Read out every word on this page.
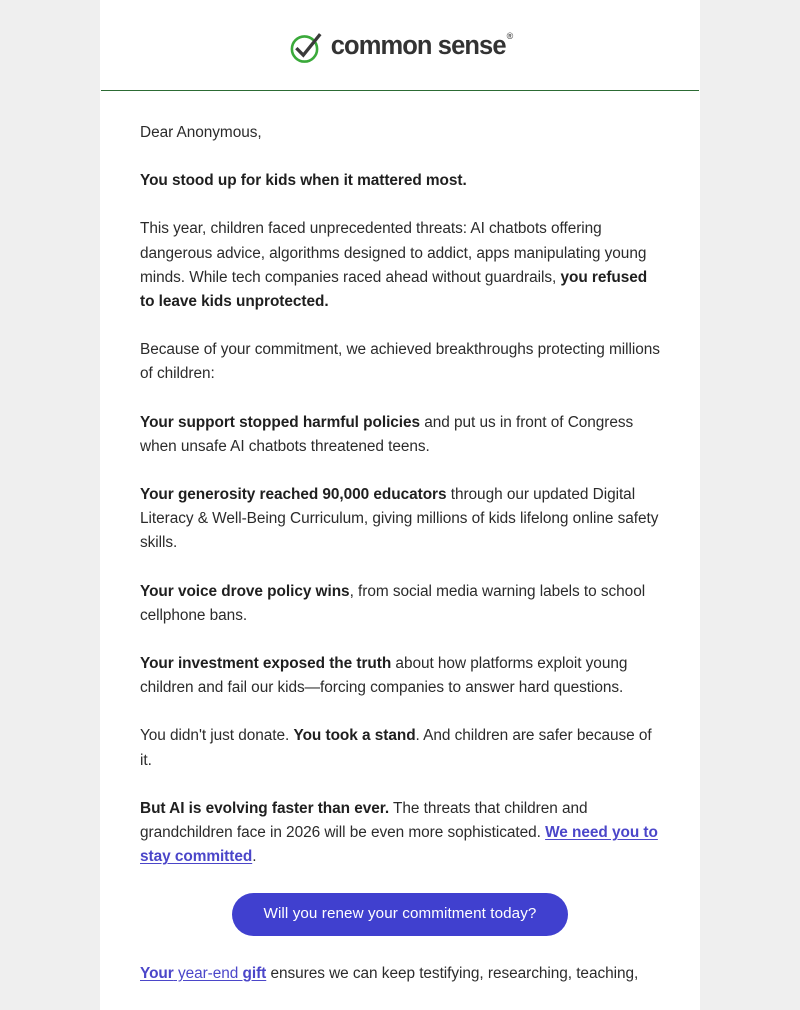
common sense®

Dear Anonymous,

You stood up for kids when it mattered most.

This year, children faced unprecedented threats: AI chatbots offering dangerous advice, algorithms designed to addict, apps manipulating young minds. While tech companies raced ahead without guardrails, you refused to leave kids unprotected.

Because of your commitment, we achieved breakthroughs protecting millions of children:

Your support stopped harmful policies and put us in front of Congress when unsafe AI chatbots threatened teens.

Your generosity reached 90,000 educators through our updated Digital Literacy & Well-Being Curriculum, giving millions of kids lifelong online safety skills.

Your voice drove policy wins, from social media warning labels to school cellphone bans.

Your investment exposed the truth about how platforms exploit young children and fail our kids—forcing companies to answer hard questions.

You didn't just donate. You took a stand. And children are safer because of it.

But AI is evolving faster than ever. The threats that children and grandchildren face in 2026 will be even more sophisticated. We need you to stay committed.

Will you renew your commitment today?

Your year-end gift ensures we can keep testifying, researching, teaching,
